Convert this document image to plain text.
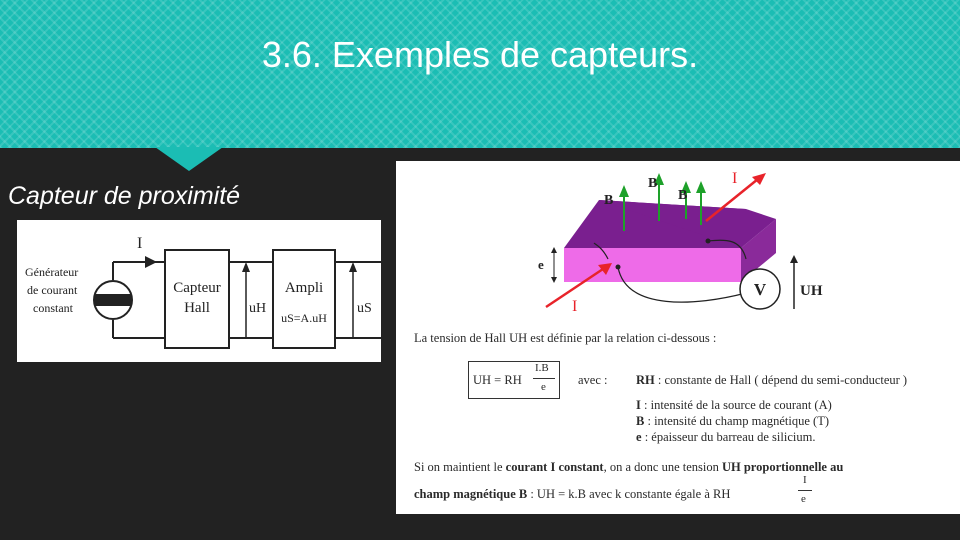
3.6. Exemples de capteurs.
Capteur de proximité
I
Générateur
de courant
constant
Capteur
Hall	uH
Ampli
uS=A.uH
uS
B
B
B
I
I
e
V UH
La tension de Hall UH est définie par la relation ci-dessous :
UH = RH
I.B
e	avec : RH : constante de Hall ( dépend du semi-conducteur )
I : intensité de la source de courant (A)
B : intensité du champ magnétique (T)
e : épaisseur du barreau de silicium.
Si on maintient le courant I constant, on a donc une tension UH proportionnelle au
champ magnétique B : UH = k.B avec k constante égale à RH
I
e
